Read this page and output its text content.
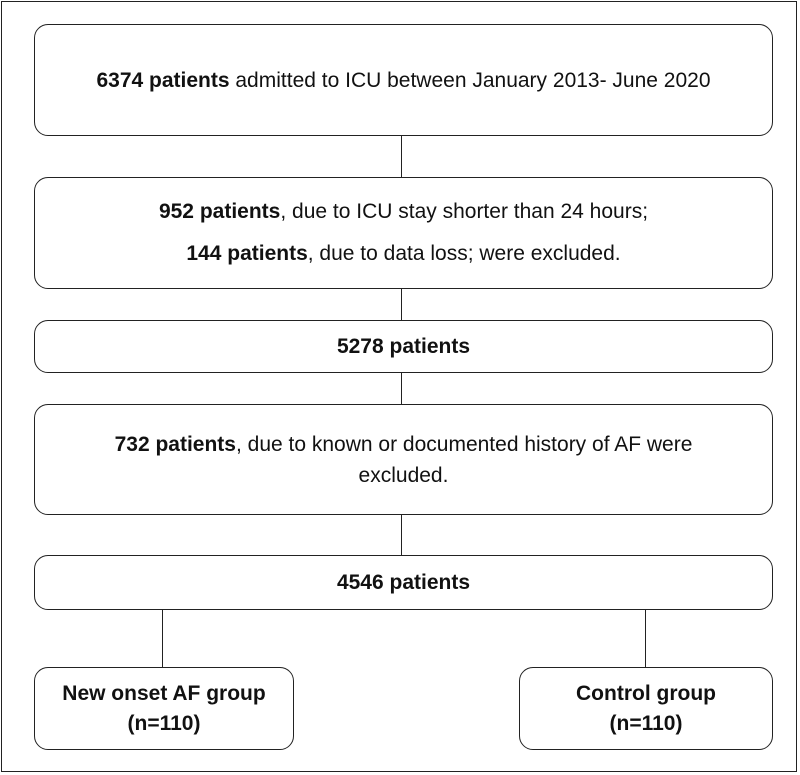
6374 patients admitted to ICU between January 2013- June 2020

952 patients, due to ICU stay shorter than 24 hours;

144 patients, due to data loss; were excluded.

5278 patients

732 patients, due to known or documented history of AF were

excluded.

4546 patients

New onset AF group

(n=110)

Control group

(n=110)
